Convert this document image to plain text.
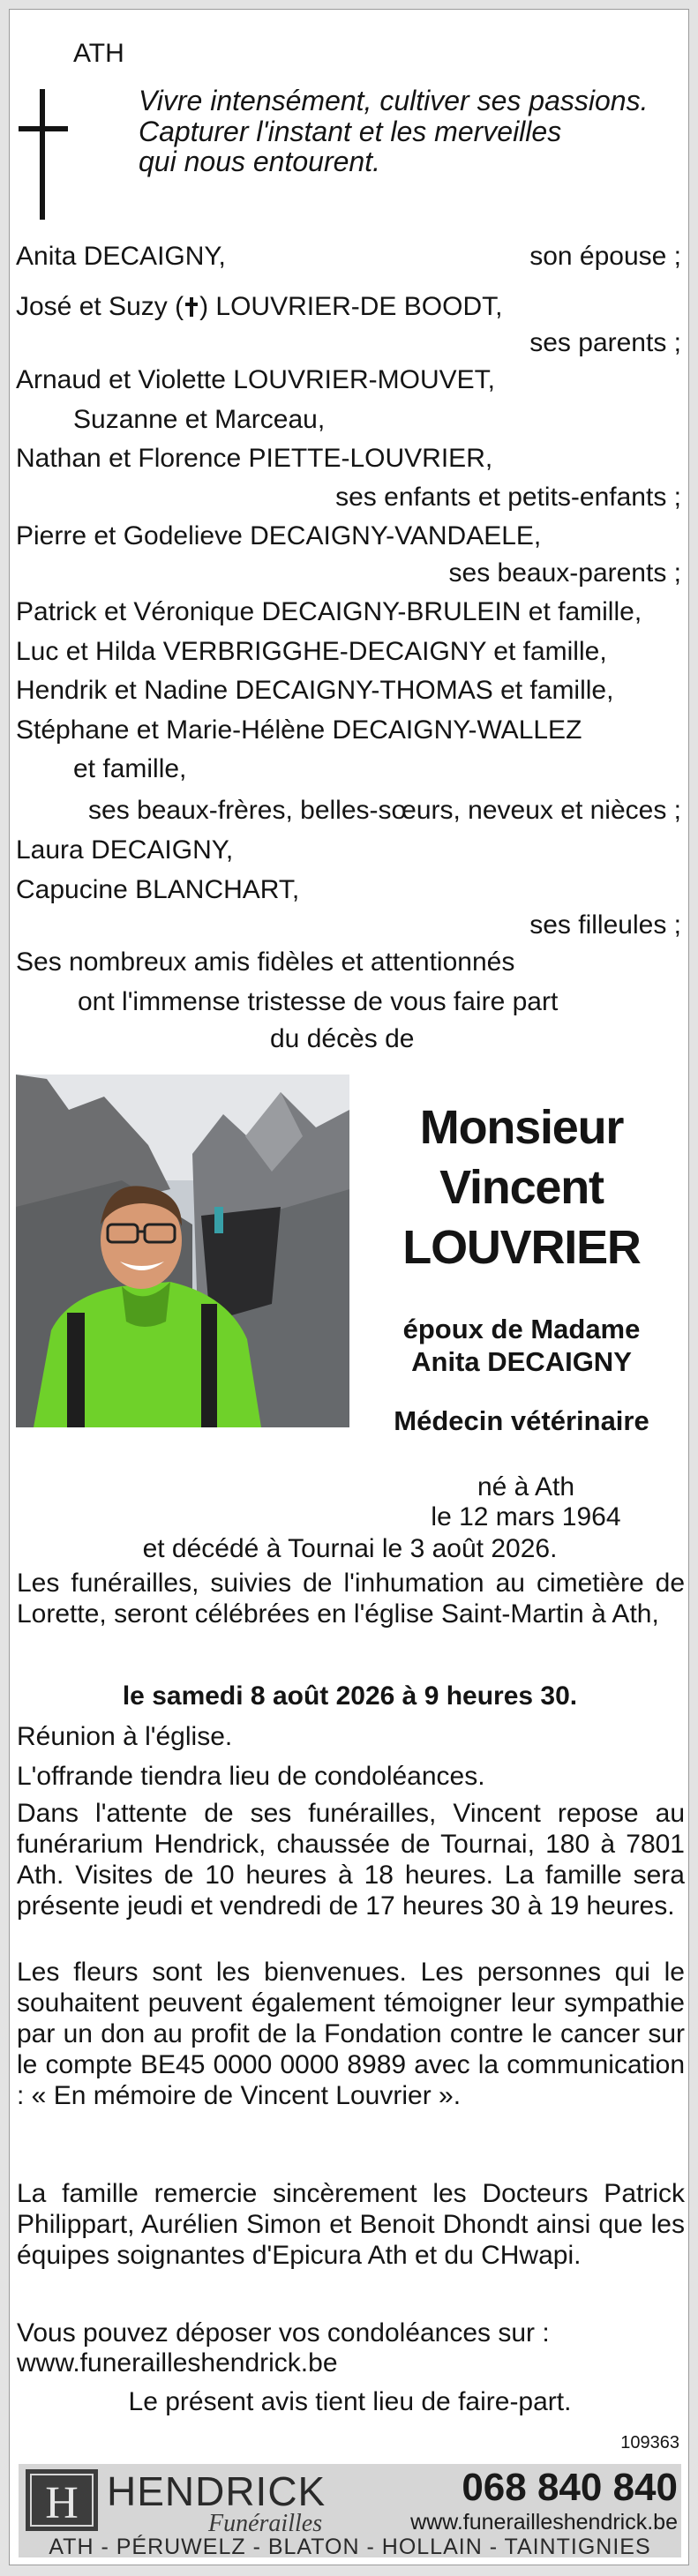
ATH
Vivre intensément, cultiver ses passions.
Capturer l'instant et les merveilles
qui nous entourent.
Anita DECAIGNY,	son épouse ;
José et Suzy ( ) LOUVRIER-DE BOODT,
ses parents ;
Arnaud et Violette LOUVRIER-MOUVET,
Suzanne et Marceau,
Nathan et Florence PIETTE-LOUVRIER,
ses enfants et petits-enfants ;
Pierre et Godelieve DECAIGNY-VANDAELE,
ses beaux-parents ;
Patrick et Véronique DECAIGNY-BRULEIN et famille,
Luc et Hilda VERBRIGGHE-DECAIGNY et famille,
Hendrik et Nadine DECAIGNY-THOMAS et famille,
Stéphane et Marie-Hélène DECAIGNY-WALLEZ
et famille,
ses beaux-frères, belles-sœurs, neveux et nièces ;
Laura DECAIGNY,
Capucine BLANCHART,
ses filleules ;
Ses nombreux amis fidèles et attentionnés
ont l'immense tristesse de vous faire part
du décès de
Monsieur
Vincent
LOUVRIER
époux de Madame
Anita DECAIGNY
Médecin vétérinaire
né à Ath
le 12 mars 1964
et décédé à Tournai le 3 août 2026.
Les funérailles, suivies de l'inhumation au cimetière de Lorette, seront célébrées en l'église Saint-Martin à Ath,
le samedi 8 août 2026 à 9 heures 30.
Réunion à l'église.
L'offrande tiendra lieu de condoléances.
Dans l'attente de ses funérailles, Vincent repose au funérarium Hendrick, chaussée de Tournai, 180 à 7801 Ath. Visites de 10 heures à 18 heures. La famille sera présente jeudi et vendredi de 17 heures 30 à 19 heures.
Les fleurs sont les bienvenues. Les personnes qui le souhaitent peuvent également témoigner leur sympathie par un don au profit de la Fondation contre le cancer sur le compte BE45 0000 0000 8989 avec la communication : « En mémoire de Vincent Louvrier ».
La famille remercie sincèrement les Docteurs Patrick Philippart, Aurélien Simon et Benoit Dhondt ainsi que les équipes soignantes d'Epicura Ath et du CHwapi.
Vous pouvez déposer vos condoléances sur :
www.funerailleshendrick.be
Le présent avis tient lieu de faire-part.
109363
H HENDRICK
Funérailles
068 840 840
www.funerailleshendrick.be
ATH - PÉRUWELZ - BLATON - HOLLAIN - TAINTIGNIES
